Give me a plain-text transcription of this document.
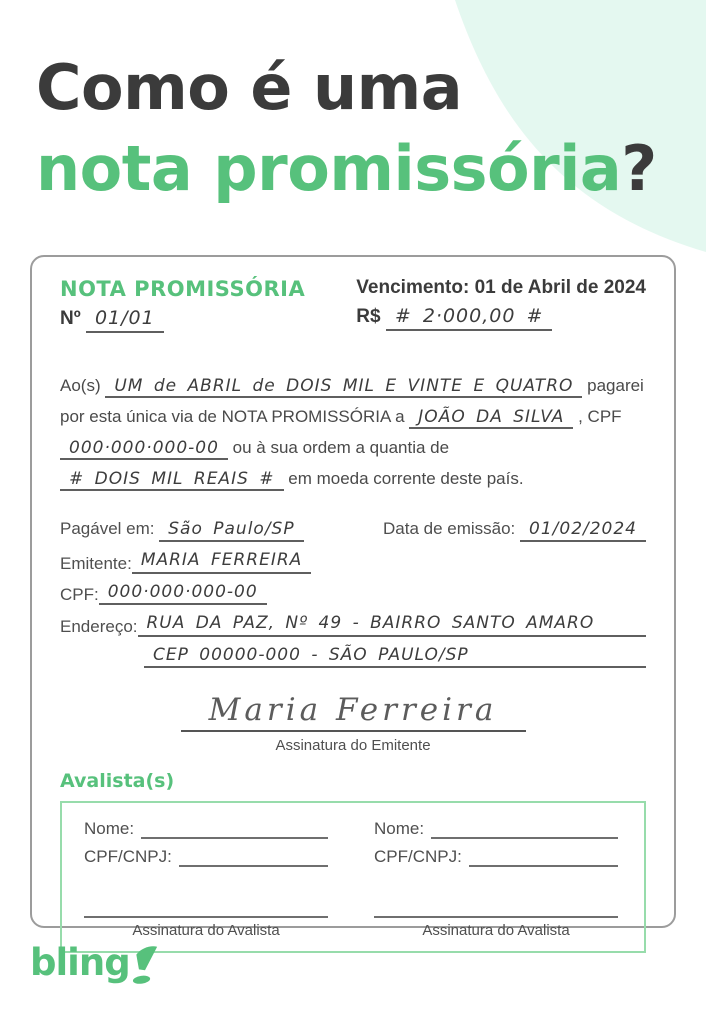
Como é uma
nota promissória?
NOTA PROMISSÓRIA
Nº 01/01
Vencimento: 01 de Abril de 2024
R$ # 2·000,00 #

Ao(s) UM de ABRIL de DOIS MIL E VINTE E QUATRO pagarei por esta única via de NOTA PROMISSÓRIA a JOÃO DA SILVA , CPF 000·000·000-00 ou à sua ordem a quantia de # DOIS MIL REAIS # em moeda corrente deste país.

Pagável em: São Paulo/SP	Data de emissão: 01/02/2024
Emitente: MARIA FERREIRA
CPF: 000·000·000-00
Endereço: RUA DA PAZ, Nº 49 - BAIRRO SANTO AMARO
CEP 00000-000 - SÃO PAULO/SP
Maria Ferreira
Assinatura do Emitente
Avalista(s)
Nome:
CPF/CNPJ:
Assinatura do Avalista
Nome:
CPF/CNPJ:
Assinatura do Avalista
bling
